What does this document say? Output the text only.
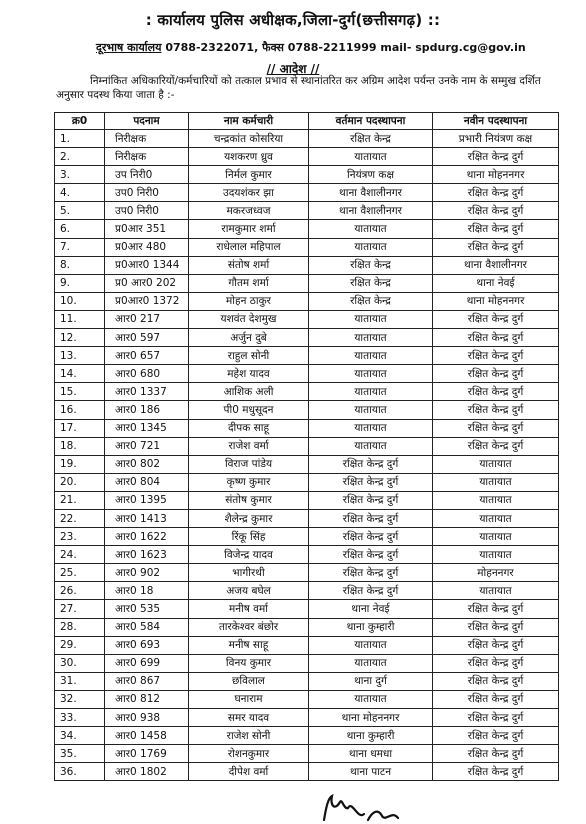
: कार्यालय पुलिस अधीक्षक,जिला-दुर्ग(छत्तीसगढ़) ::
दूरभाष कार्यालय 0788-2322071, फैक्स 0788-2211999 mail- spdurg.cg@gov.in
// आदेश //
निम्नांकित अधिकारियों/कर्मचारियों को तत्काल प्रभाव से स्थानांतरित कर अग्रिम आदेश पर्यन्त उनके नाम के सम्मुख दर्शित अनुसार पदस्थ किया जाता है :-
क्र0	पदनाम	नाम कर्मचारी	वर्तमान पदस्थापना	नवीन पदस्थापना
1.	निरीक्षक	चन्द्रकांत कोसरिया	रक्षित केन्द्र	प्रभारी नियंत्रण कक्ष
2.	निरीक्षक	यशकरण ध्रुव	यातायात	रक्षित केन्द्र दुर्ग
3.	उप निरी0	निर्मल कुमार	नियंत्रण कक्ष	थाना मोहननगर
4.	उप0 निरी0	उदयशंकर झा	थाना वैशालीनगर	रक्षित केन्द्र दुर्ग
5.	उप0 निरी0	मकरजध्वज	थाना वैशालीनगर	रक्षित केन्द्र दुर्ग
6.	प्र0आर 351	रामकुमार शर्मा	यातायात	रक्षित केन्द्र दुर्ग
7.	प्र0आर 480	राधेलाल महिपाल	यातायात	रक्षित केन्द्र दुर्ग
8.	प्र0आर0 1344	संतोष शर्मा	रक्षित केन्द्र	थाना वैशालीनगर
9.	प्र0 आर0 202	गौतम शर्मा	रक्षित केन्द्र	थाना नेवई
10.	प्र0आर0 1372	मोहन ठाकुर	रक्षित केन्द्र	थाना मोहननगर
11.	आर0 217	यशवंत देशमुख	यातायात	रक्षित केन्द्र दुर्ग
12.	आर0 597	अर्जुन दुबे	यातायात	रक्षित केन्द्र दुर्ग
13.	आर0 657	राहुल सोनी	यातायात	रक्षित केन्द्र दुर्ग
14.	आर0 680	महेश यादव	यातायात	रक्षित केन्द्र दुर्ग
15.	आर0 1337	आशिक अली	यातायात	रक्षित केन्द्र दुर्ग
16.	आर0 186	पी0 मधुसूदन	यातायात	रक्षित केन्द्र दुर्ग
17.	आर0 1345	दीपक साहू	यातायात	रक्षित केन्द्र दुर्ग
18.	आर0 721	राजेश वर्मा	यातायात	रक्षित केन्द्र दुर्ग
19.	आर0 802	विराज पांडेय	रक्षित केन्द्र दुर्ग	यातायात
20.	आर0 804	कृष्ण कुमार	रक्षित केन्द्र दुर्ग	यातायात
21.	आर0 1395	संतोष कुमार	रक्षित केन्द्र दुर्ग	यातायात
22.	आर0 1413	शैलेन्द्र कुमार	रक्षित केन्द्र दुर्ग	यातायात
23.	आर0 1622	रिंकू सिंह	रक्षित केन्द्र दुर्ग	यातायात
24.	आर0 1623	विजेन्द्र यादव	रक्षित केन्द्र दुर्ग	यातायात
25.	आर0 902	भागीरथी	रक्षित केन्द्र दुर्ग	मोहननगर
26.	आर0 18	अजय बघेल	रक्षित केन्द्र दुर्ग	यातायात
27.	आर0 535	मनीष वर्मा	थाना नेवई	रक्षित केन्द्र दुर्ग
28.	आर0 584	तारकेश्वर बंछोर	थाना कुम्हारी	रक्षित केन्द्र दुर्ग
29.	आर0 693	मनीष साहू	यातायात	रक्षित केन्द्र दुर्ग
30.	आर0 699	विनय कुमार	यातायात	रक्षित केन्द्र दुर्ग
31.	आर0 867	छविलाल	थाना दुर्ग	रक्षित केन्द्र दुर्ग
32.	आर0 812	घनाराम	यातायात	रक्षित केन्द्र दुर्ग
33.	आर0 938	समर यादव	थाना मोहननगर	रक्षित केन्द्र दुर्ग
34.	आर0 1458	राजेश सोनी	थाना कुम्हारी	रक्षित केन्द्र दुर्ग
35.	आर0 1769	रोशनकुमार	थाना धमधा	रक्षित केन्द्र दुर्ग
36.	आर0 1802	दीपेश वर्मा	थाना पाटन	रक्षित केन्द्र दुर्ग
